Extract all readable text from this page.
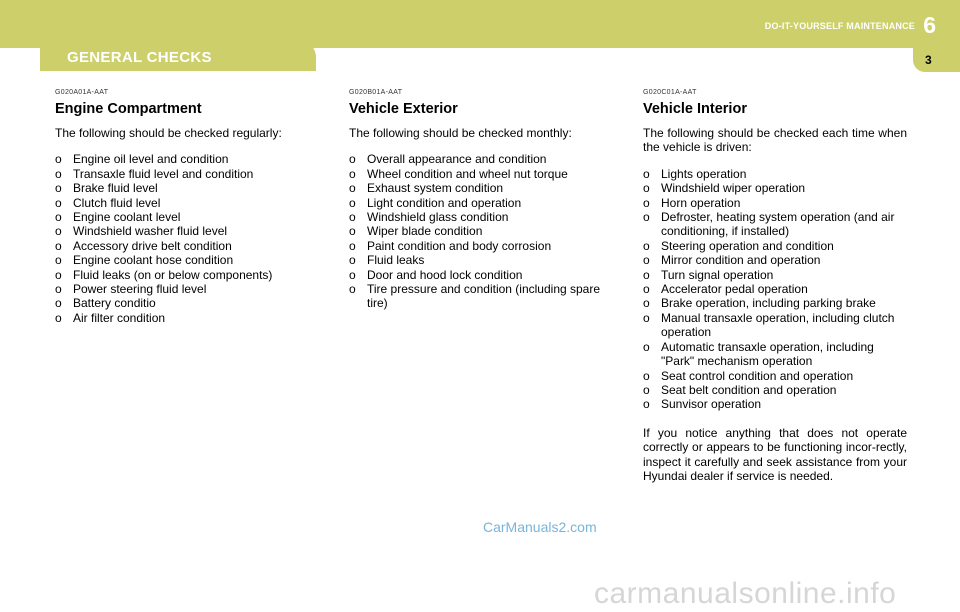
DO-IT-YOURSELF MAINTENANCE 6
GENERAL CHECKS	3
G020A01A-AAT
Engine Compartment
The following should be checked regularly:
o Engine oil level and condition
o Transaxle fluid level and condition
o Brake fluid level
o Clutch fluid level
o Engine coolant level
o Windshield washer fluid level
o Accessory drive belt condition
o Engine coolant hose condition
o Fluid leaks (on or below components)
o Power steering fluid level
o Battery conditio
o Air filter condition
G020B01A-AAT
Vehicle Exterior
The following should be checked monthly:
o Overall appearance and condition
o Wheel condition and wheel nut torque
o Exhaust system condition
o Light condition and operation
o Windshield glass condition
o Wiper blade condition
o Paint condition and body corrosion
o Fluid leaks
o Door and hood lock condition
o Tire pressure and condition (including spare tire)
G020C01A-AAT
Vehicle Interior
The following should be checked each time when the vehicle is driven:
o Lights operation
o Windshield wiper operation
o Horn operation
o Defroster, heating system operation (and air conditioning, if installed)
o Steering operation and condition
o Mirror condition and operation
o Turn signal operation
o Accelerator pedal operation
o Brake operation, including parking brake
o Manual transaxle operation, including clutch operation
o Automatic transaxle operation, including "Park" mechanism operation
o Seat control condition and operation
o Seat belt condition and operation
o Sunvisor operation
If you notice anything that does not operate correctly or appears to be functioning incor-rectly, inspect it carefully and seek assistance from your Hyundai dealer if service is needed.
CarManuals2.com
carmanualsonline.info
